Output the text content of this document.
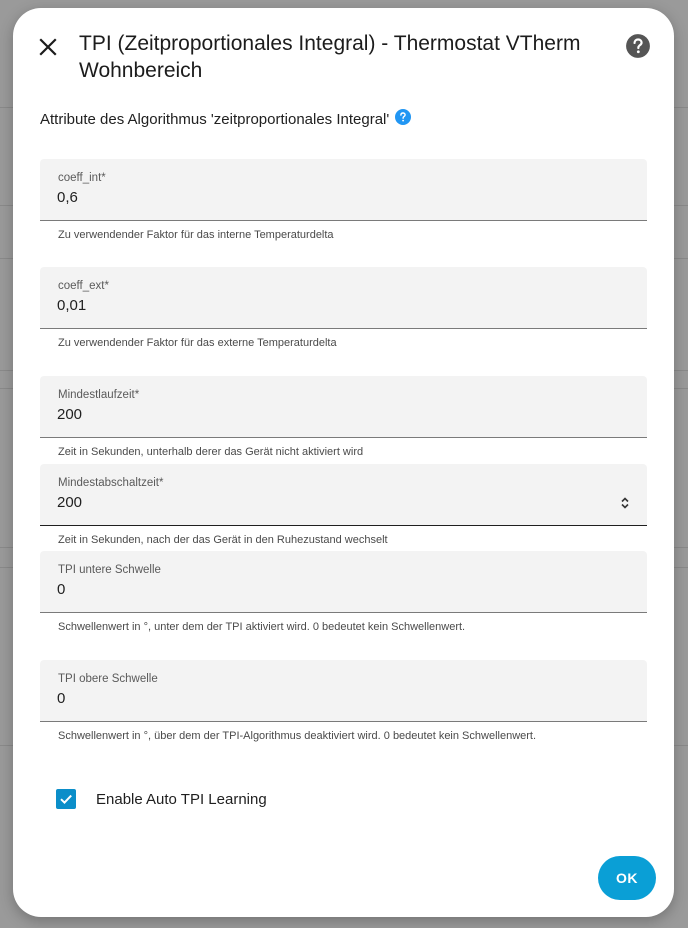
TPI (Zeitproportionales Integral) - Thermostat VTherm Wohnbereich
Attribute des Algorithmus 'zeitproportionales Integral'
coeff_int*
0,6
Zu verwendender Faktor für das interne Temperaturdelta
coeff_ext*
0,01
Zu verwendender Faktor für das externe Temperaturdelta
Mindestlaufzeit*
200
Zeit in Sekunden, unterhalb derer das Gerät nicht aktiviert wird
Mindestabschaltzeit*
200
Zeit in Sekunden, nach der das Gerät in den Ruhezustand wechselt
TPI untere Schwelle
0
Schwellenwert in °, unter dem der TPI aktiviert wird. 0 bedeutet kein Schwellenwert.
TPI obere Schwelle
0
Schwellenwert in °, über dem der TPI-Algorithmus deaktiviert wird. 0 bedeutet kein Schwellenwert.
Enable Auto TPI Learning
OK
